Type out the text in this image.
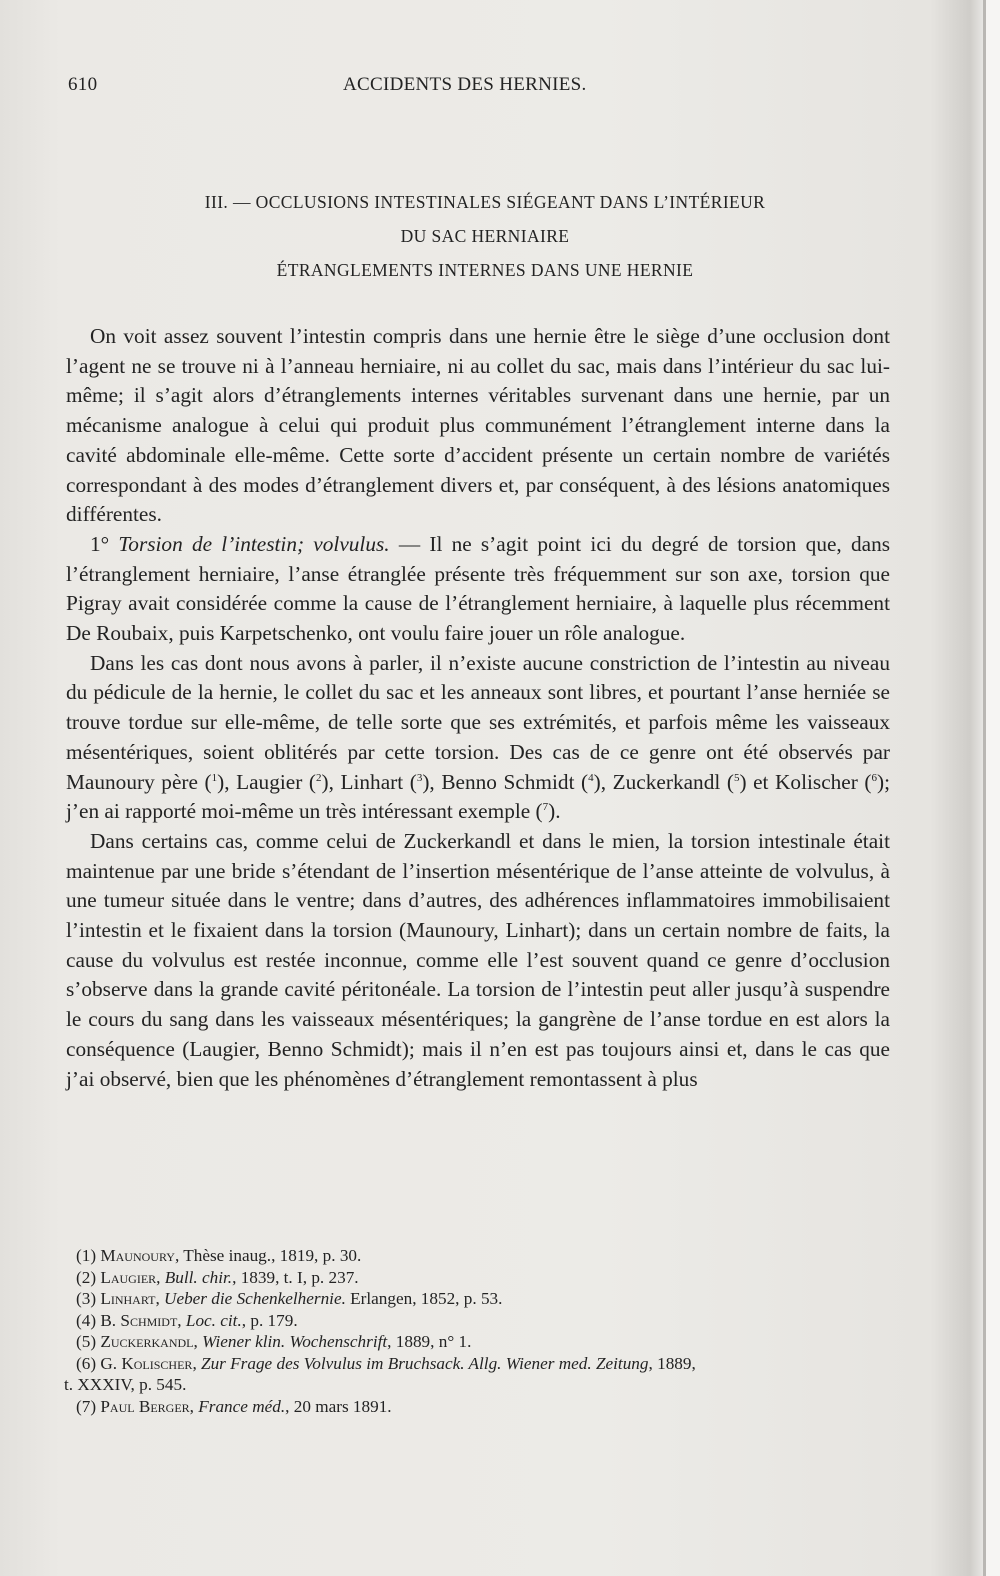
610	ACCIDENTS DES HERNIES.
III. — OCCLUSIONS INTESTINALES SIÉGEANT DANS L’INTÉRIEUR
DU SAC HERNIAIRE
ÉTRANGLEMENTS INTERNES DANS UNE HERNIE

On voit assez souvent l’intestin compris dans une hernie être le siège d’une occlusion dont l’agent ne se trouve ni à l’anneau herniaire, ni au collet du sac, mais dans l’intérieur du sac lui-même; il s’agit alors d’étranglements internes véritables survenant dans une hernie, par un mécanisme analogue à celui qui produit plus communément l’étranglement interne dans la cavité abdominale elle-même. Cette sorte d’accident présente un certain nombre de variétés correspondant à des modes d’étranglement divers et, par conséquent, à des lésions anatomiques différentes.

1° Torsion de l’intestin; volvulus. — Il ne s’agit point ici du degré de torsion que, dans l’étranglement herniaire, l’anse étranglée présente très fréquemment sur son axe, torsion que Pigray avait considérée comme la cause de l’étranglement herniaire, à laquelle plus récemment De Roubaix, puis Karpetschenko, ont voulu faire jouer un rôle analogue.

Dans les cas dont nous avons à parler, il n’existe aucune constriction de l’intestin au niveau du pédicule de la hernie, le collet du sac et les anneaux sont libres, et pourtant l’anse herniée se trouve tordue sur elle-même, de telle sorte que ses extrémités, et parfois même les vaisseaux mésentériques, soient oblitérés par cette torsion. Des cas de ce genre ont été observés par Maunoury père ($^1$), Laugier ($^2$), Linhart ($^3$), Benno Schmidt ($^4$), Zuckerkandl ($^5$) et Kolischer ($^6$); j’en ai rapporté moi-même un très intéressant exemple ($^7$).

Dans certains cas, comme celui de Zuckerkandl et dans le mien, la torsion intestinale était maintenue par une bride s’étendant de l’insertion mésentérique de l’anse atteinte de volvulus, à une tumeur située dans le ventre; dans d’autres, des adhérences inflammatoires immobilisaient l’intestin et le fixaient dans la torsion (Maunoury, Linhart); dans un certain nombre de faits, la cause du volvulus est restée inconnue, comme elle l’est souvent quand ce genre d’occlusion s’observe dans la grande cavité péritonéale. La torsion de l’intestin peut aller jusqu’à suspendre le cours du sang dans les vaisseaux mésentériques; la gangrène de l’anse tordue en est alors la conséquence (Laugier, Benno Schmidt); mais il n’en est pas toujours ainsi et, dans le cas que j’ai observé, bien que les phénomènes d’étranglement remontassent à plus

(1) Maunoury, Thèse inaug., 1819, p. 30.
(2) Laugier, Bull. chir., 1839, t. I, p. 237.
(3) Linhart, Ueber die Schenkelhernie. Erlangen, 1852, p. 53.
(4) B. Schmidt, Loc. cit., p. 179.
(5) Zuckerkandl, Wiener klin. Wochenschrift, 1889, n° 1.
(6) G. Kolischer, Zur Frage des Volvulus im Bruchsack. Allg. Wiener med. Zeitung, 1889,
t. XXXIV, p. 545.
(7) Paul Berger, France méd., 20 mars 1891.
